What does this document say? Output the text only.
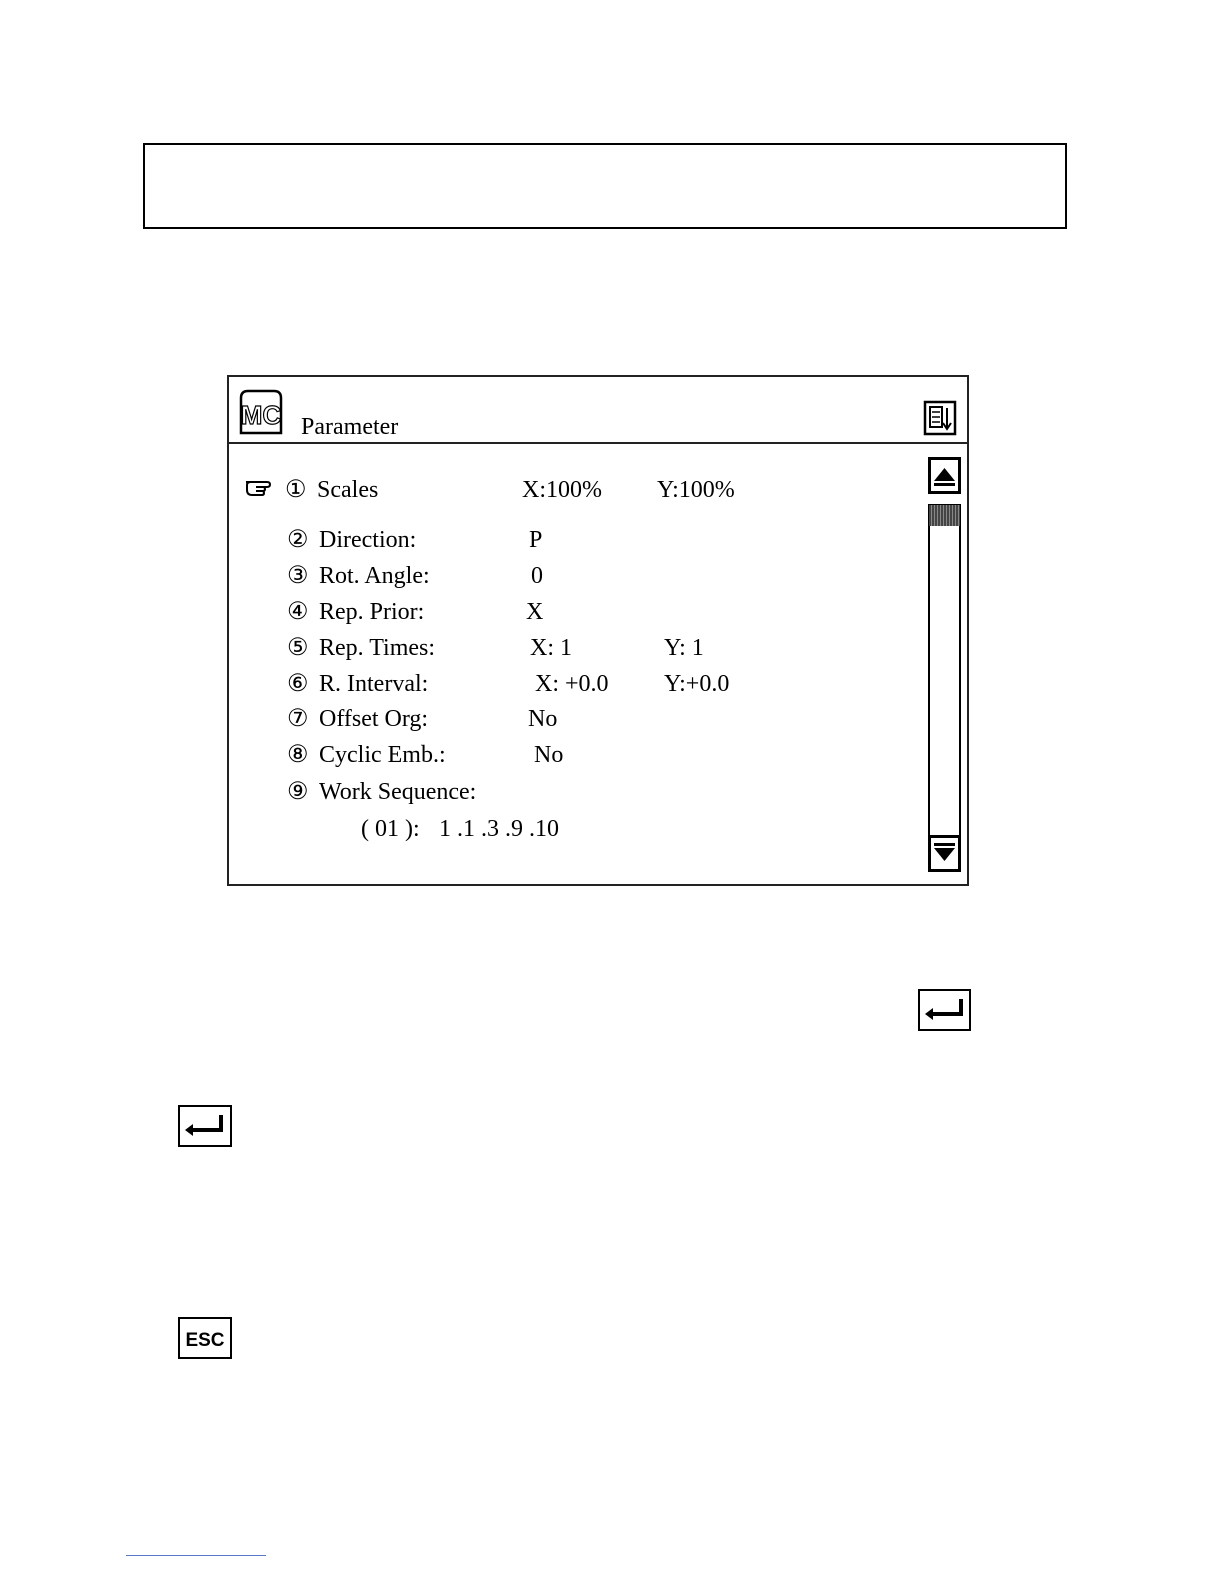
MC Parameter
① Scales	X:100% Y:100%
② Direction:	P
③ Rot. Angle:	0
④ Rep. Prior:	X
⑤ Rep. Times:	X: 1	Y: 1
⑥ R. Interval:	X: +0.0 Y:+0.0
⑦ Offset Org:	No
⑧ Cyclic Emb.:	No
⑨ Work Sequence:
( 01 ): 1 .1 .3 .9 .10
ESC
